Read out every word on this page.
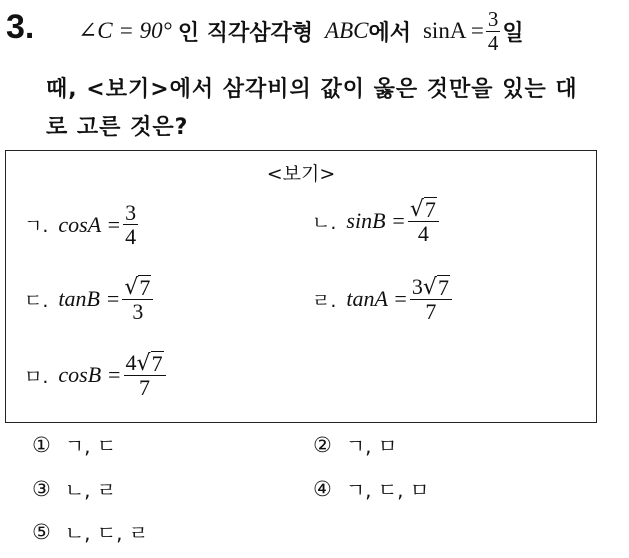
3. ∠C = 90° 인 직각삼각형 ABC 에서 $\sin A = \frac{3}{4}$ 일
때, <보기>에서 삼각비의 값이 옳은 것만을 있는 대
로 고른 것은?
<보기>
ㄱ. $\cos A = \frac{3}{4}$	ㄴ. $\sin B = \frac{√ 7}{4}$
ㄷ. $\tan B = \frac{√ 7}{3}$	ㄹ. $\tan A = \frac{3 √ 7}{7}$
ㅁ. $\cos B = \frac{4 √ 7}{7}$
① ㄱ, ㄷ	② ㄱ, ㅁ
③ ㄴ, ㄹ	④ ㄱ, ㄷ, ㅁ
⑤ ㄴ, ㄷ, ㄹ
